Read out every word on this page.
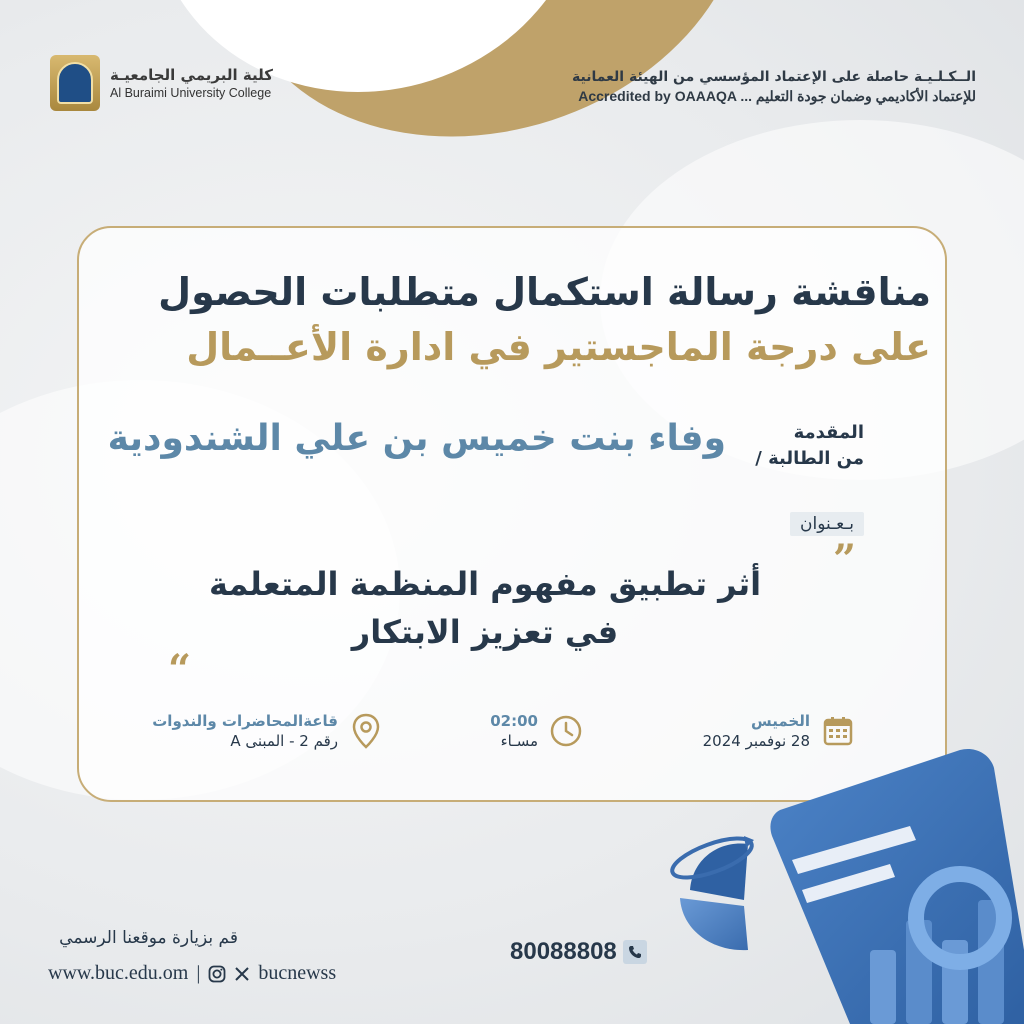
كلية البريمي الجامعيـة
Al Buraimi University College
الــكـلـيـة حاصلة على الإعتماد المؤسسي من الهيئة العمانية
Accredited by OAAAQA للإعتماد الأكاديمي وضمان جودة التعليم ...
مناقشة رسالة استكمال متطلبات الحصول
على درجة الماجستير في ادارة الأعــمال
المقدمة
من الطالبة /
وفاء بنت خميس بن علي الشندودية
بـعـنوان
”
أثر تطبيق مفهوم المنظمة المتعلمة
في تعزيز الابتكار
“
الخميس
28 نوفمبر 2024
02:00
مسـاء
قاعةالمحاضرات والندوات
رقم 2 - المبنى A
قم بزيارة موقعنا الرسمي
www.buc.edu.om |	bucnewss
80088808
